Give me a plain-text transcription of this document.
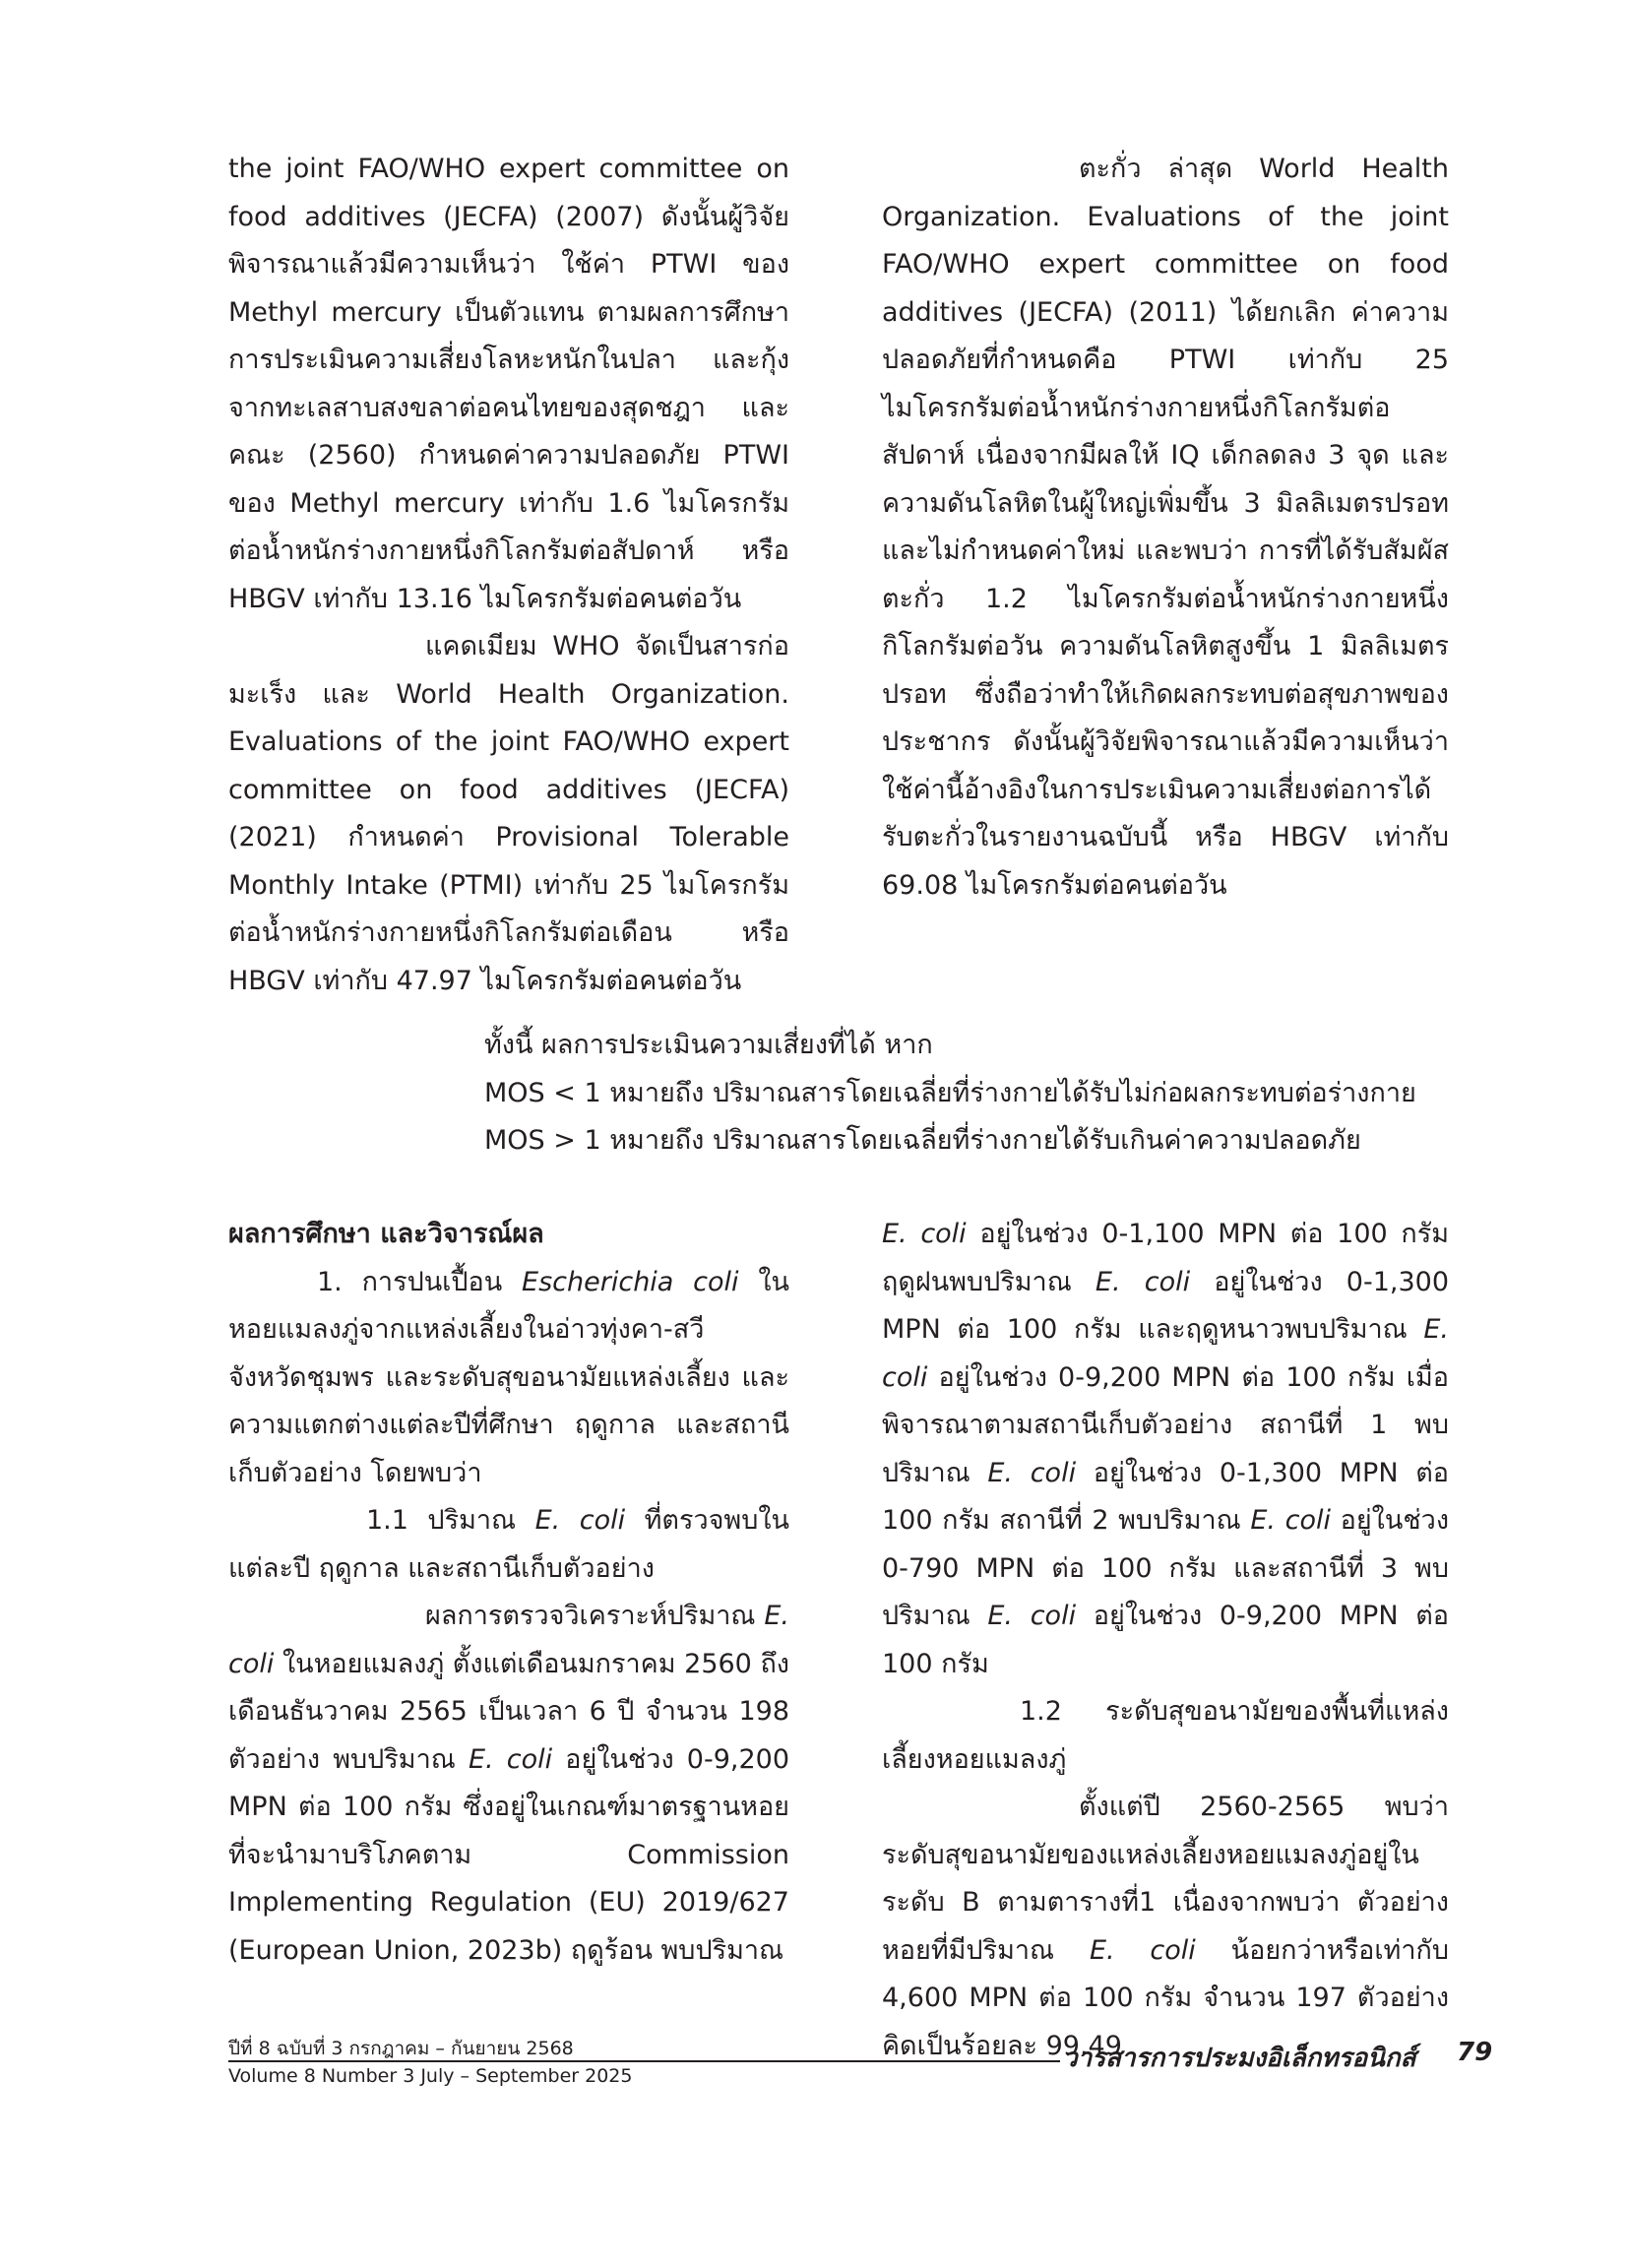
the joint FAO/WHO expert committee on food additives (JECFA) (2007) ดังนั้นผู้วิจัยพิจารณาแล้วมีความเห็นว่า ใช้ค่า PTWI ของ Methyl mercury เป็นตัวแทน ตามผลการศึกษาการประเมินความเสี่ยงโลหะหนักในปลา และกุ้งจากทะเลสาบสงขลาต่อคนไทยของสุดชฎา และคณะ (2560) กำหนดค่าความปลอดภัย PTWI ของ Methyl mercury เท่ากับ 1.6 ไมโครกรัมต่อน้ำหนักร่างกายหนึ่งกิโลกรัมต่อสัปดาห์ หรือ HBGV เท่ากับ 13.16 ไมโครกรัมต่อคนต่อวัน

แคดเมียม WHO จัดเป็นสารก่อมะเร็ง และ World Health Organization. Evaluations of the joint FAO/WHO expert committee on food additives (JECFA) (2021) กำหนดค่า Provisional Tolerable Monthly Intake (PTMI) เท่ากับ 25 ไมโครกรัมต่อน้ำหนักร่างกายหนึ่งกิโลกรัมต่อเดือน หรือ HBGV เท่ากับ 47.97 ไมโครกรัมต่อคนต่อวัน

ตะกั่ว ล่าสุด World Health Organization. Evaluations of the joint FAO/WHO expert committee on food additives (JECFA) (2011) ได้ยกเลิก ค่าความปลอดภัยที่กำหนดคือ PTWI เท่ากับ 25 ไมโครกรัมต่อน้ำหนักร่างกายหนึ่งกิโลกรัมต่อสัปดาห์ เนื่องจากมีผลให้ IQ เด็กลดลง 3 จุด และความดันโลหิตในผู้ใหญ่เพิ่มขึ้น 3 มิลลิเมตรปรอท และไม่กำหนดค่าใหม่ และพบว่า การที่ได้รับสัมผัสตะกั่ว 1.2 ไมโครกรัมต่อน้ำหนักร่างกายหนึ่งกิโลกรัมต่อวัน ความดันโลหิตสูงขึ้น 1 มิลลิเมตรปรอท ซึ่งถือว่าทำให้เกิดผลกระทบต่อสุขภาพของประชากร ดังนั้นผู้วิจัยพิจารณาแล้วมีความเห็นว่า ใช้ค่านี้อ้างอิงในการประเมินความเสี่ยงต่อการได้รับตะกั่วในรายงานฉบับนี้ หรือ HBGV เท่ากับ 69.08 ไมโครกรัมต่อคนต่อวัน

ทั้งนี้ ผลการประเมินความเสี่ยงที่ได้ หาก

MOS < 1 หมายถึง ปริมาณสารโดยเฉลี่ยที่ร่างกายได้รับไม่ก่อผลกระทบต่อร่างกาย

MOS > 1 หมายถึง ปริมาณสารโดยเฉลี่ยที่ร่างกายได้รับเกินค่าความปลอดภัย

ผลการศึกษา และวิจารณ์ผล

1. การปนเปื้อน Escherichia coli ในหอยแมลงภู่จากแหล่งเลี้ยงในอ่าวทุ่งคา-สวี จังหวัดชุมพร และระดับสุขอนามัยแหล่งเลี้ยง และความแตกต่างแต่ละปีที่ศึกษา ฤดูกาล และสถานีเก็บตัวอย่าง โดยพบว่า

1.1 ปริมาณ E. coli ที่ตรวจพบในแต่ละปี ฤดูกาล และสถานีเก็บตัวอย่าง

ผลการตรวจวิเคราะห์ปริมาณ E. coli ในหอยแมลงภู่ ตั้งแต่เดือนมกราคม 2560 ถึงเดือนธันวาคม 2565 เป็นเวลา 6 ปี จำนวน 198 ตัวอย่าง พบปริมาณ E. coli อยู่ในช่วง 0-9,200 MPN ต่อ 100 กรัม ซึ่งอยู่ในเกณฑ์มาตรฐานหอยที่จะนำมาบริโภคตาม Commission Implementing Regulation (EU) 2019/627 (European Union, 2023b) ฤดูร้อน พบปริมาณ

E. coli อยู่ในช่วง 0-1,100 MPN ต่อ 100 กรัม ฤดูฝนพบปริมาณ E. coli อยู่ในช่วง 0-1,300 MPN ต่อ 100 กรัม และฤดูหนาวพบปริมาณ E. coli อยู่ในช่วง 0-9,200 MPN ต่อ 100 กรัม เมื่อพิจารณาตามสถานีเก็บตัวอย่าง สถานีที่ 1 พบปริมาณ E. coli อยู่ในช่วง 0-1,300 MPN ต่อ 100 กรัม สถานีที่ 2 พบปริมาณ E. coli อยู่ในช่วง 0-790 MPN ต่อ 100 กรัม และสถานีที่ 3 พบปริมาณ E. coli อยู่ในช่วง 0-9,200 MPN ต่อ 100 กรัม

1.2 ระดับสุขอนามัยของพื้นที่แหล่งเลี้ยงหอยแมลงภู่

ตั้งแต่ปี 2560-2565 พบว่า ระดับสุขอนามัยของแหล่งเลี้ยงหอยแมลงภู่อยู่ในระดับ B ตามตารางที่1 เนื่องจากพบว่า ตัวอย่างหอยที่มีปริมาณ E. coli น้อยกว่าหรือเท่ากับ 4,600 MPN ต่อ 100 กรัม จำนวน 197 ตัวอย่าง คิดเป็นร้อยละ 99.49

ปีที่ 8 ฉบับที่ 3 กรกฎาคม – กันยายน 2568
Volume 8 Number 3 July – September 2025
วารสารการประมงอิเล็กทรอนิกส์ 79
